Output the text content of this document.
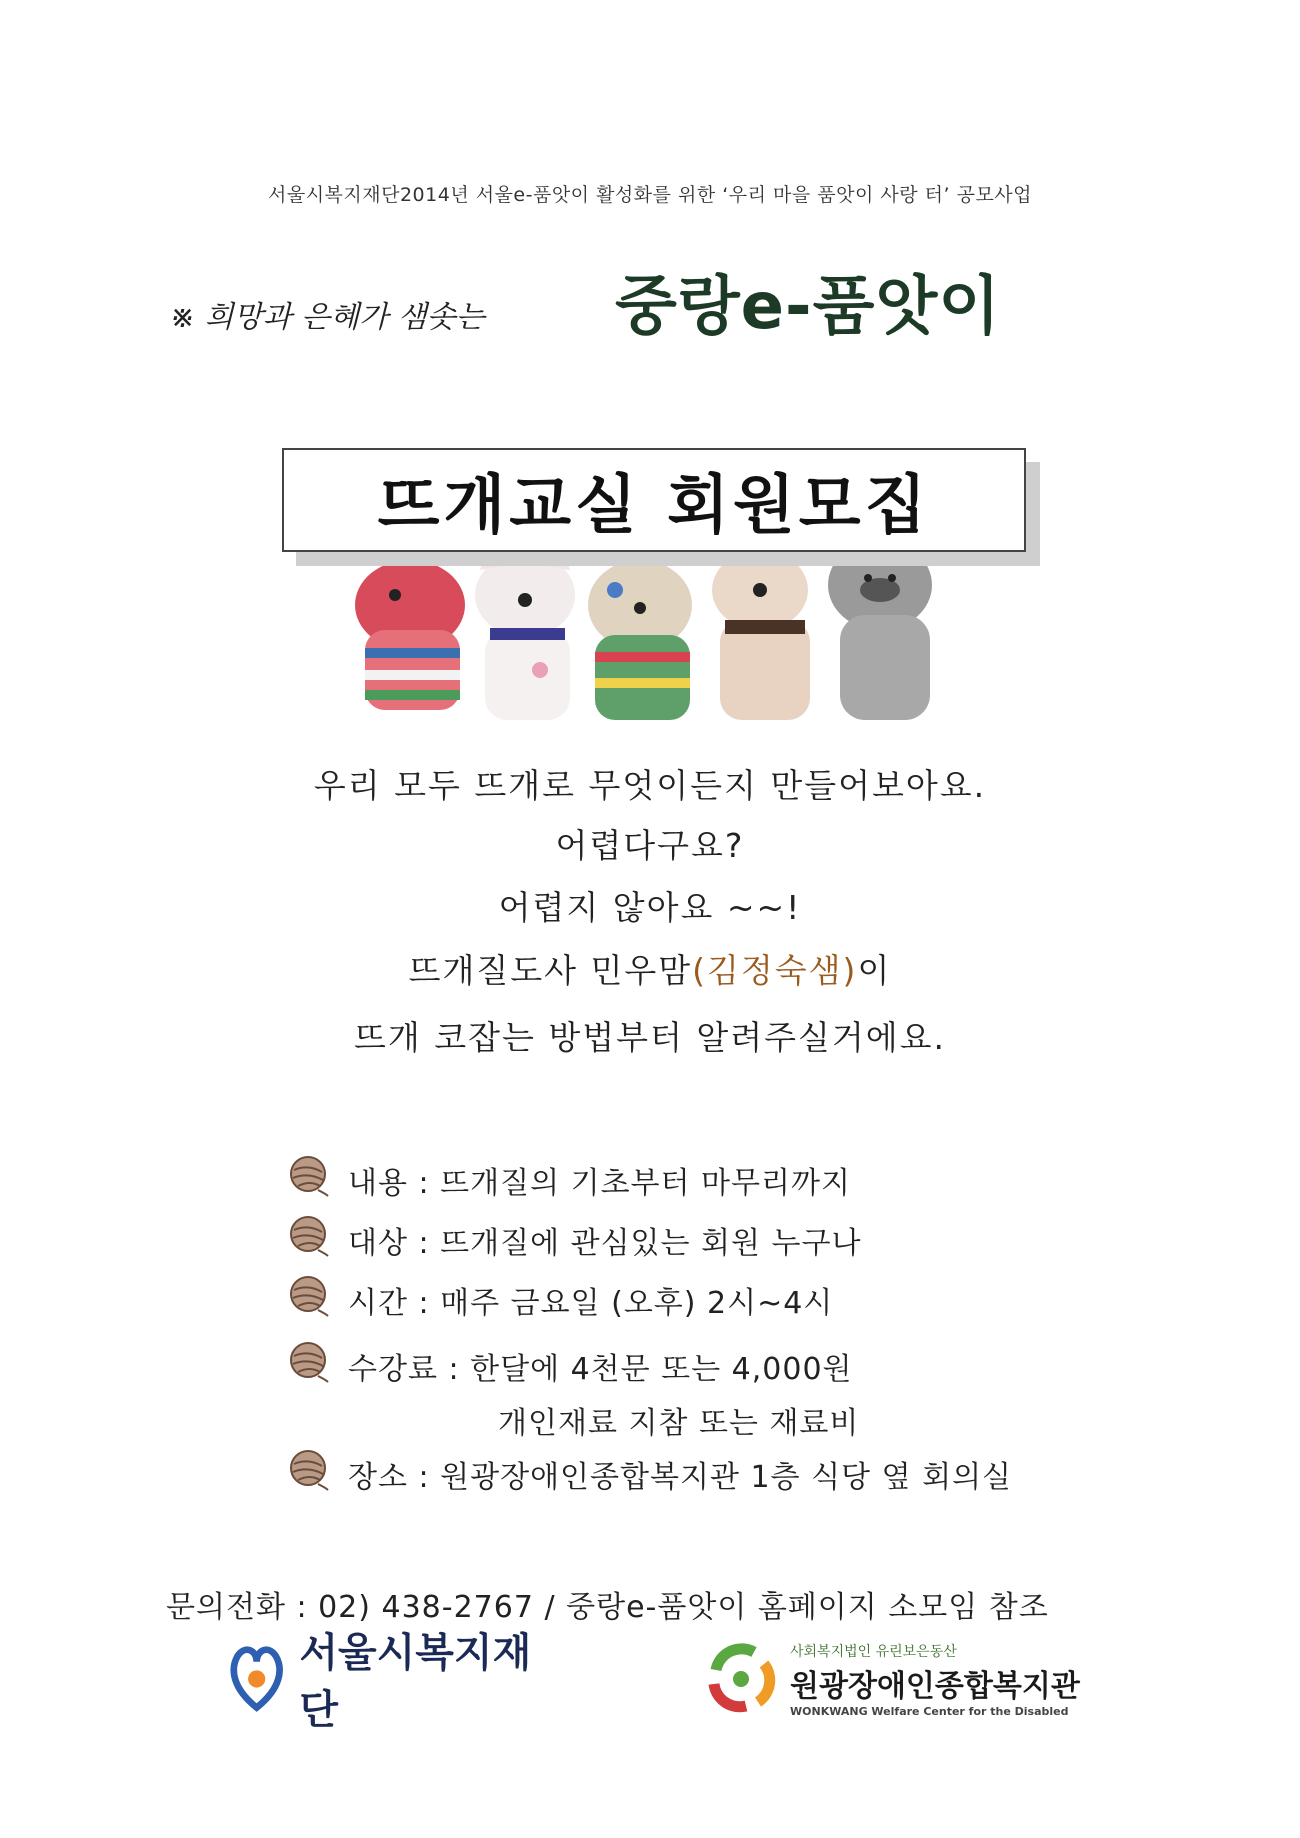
서울시복지재단2014년 서울e-품앗이 활성화를 위한 ‘우리 마을 품앗이 사랑 터’ 공모사업
※ 희망과 은혜가 샘솟는 중랑e-품앗이
뜨개교실 회원모집
우리 모두 뜨개로 무엇이든지 만들어보아요.
어렵다구요?
어렵지 않아요 ~~!
뜨개질도사 민우맘(김정숙샘)이
뜨개 코잡는 방법부터 알려주실거에요.
내용 : 뜨개질의 기초부터 마무리까지
대상 : 뜨개질에 관심있는 회원 누구나
시간 : 매주 금요일 (오후) 2시~4시
수강료 : 한달에 4천문 또는 4,000원
개인재료 지참 또는 재료비
장소 : 원광장애인종합복지관 1층 식당 옆 회의실
문의전화 : 02) 438-2767 / 중랑e-품앗이 홈페이지 소모임 참조
서울시복지재단
사회복지법인 유린보은동산
원광장애인종합복지관
WONKWANG Welfare Center for the Disabled
